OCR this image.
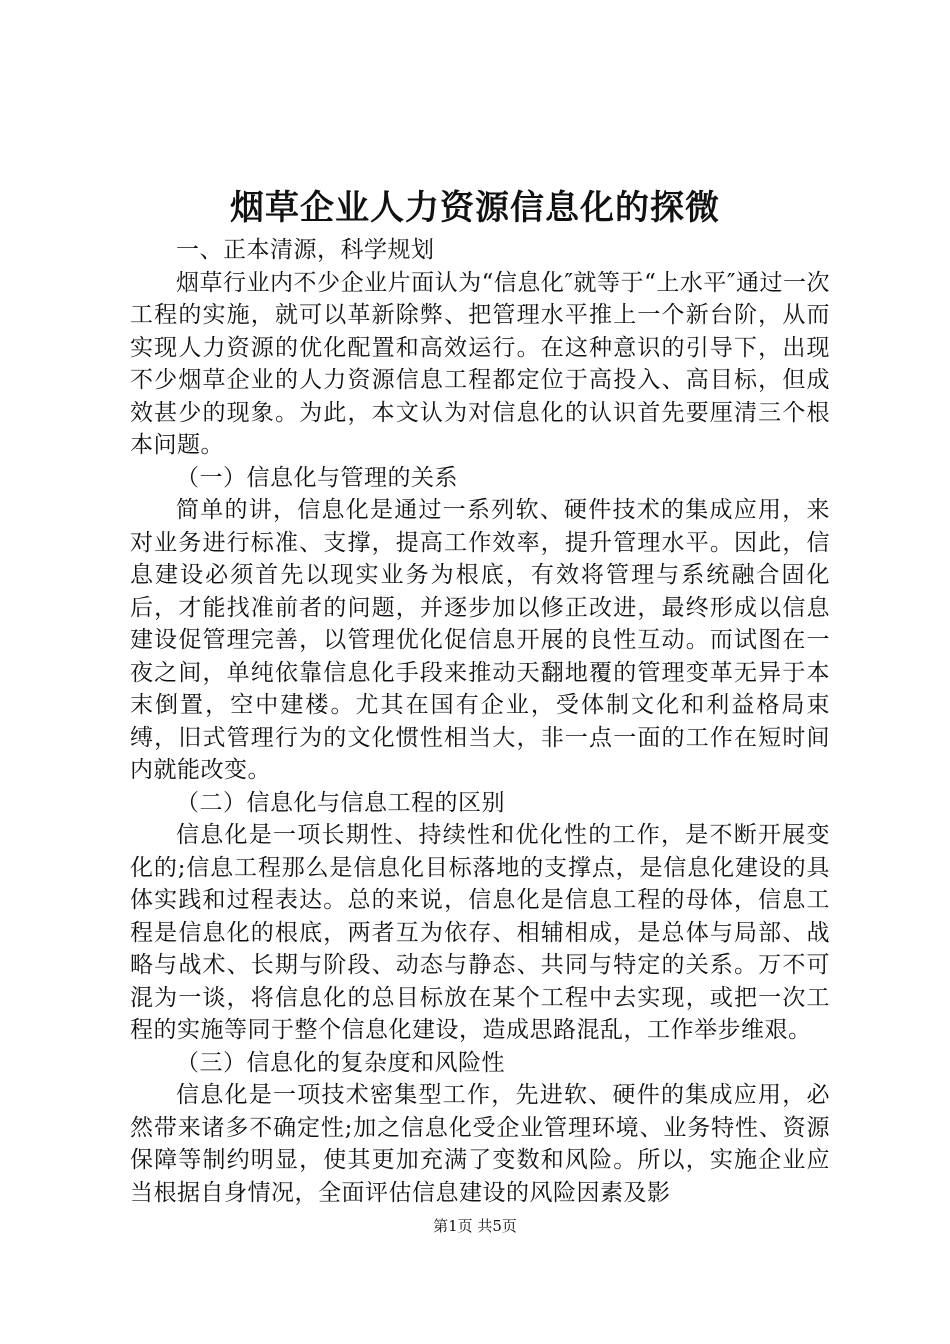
烟草企业人力资源信息化的探微

一、正本清源，科学规划

烟草行业内不少企业片面认为“信息化″就等于“上水平″通过一次工程的实施，就可以革新除弊、把管理水平推上一个新台阶，从而实现人力资源的优化配置和高效运行。在这种意识的引导下，出现不少烟草企业的人力资源信息工程都定位于高投入、高目标，但成效甚少的现象。为此，本文认为对信息化的认识首先要厘清三个根本问题。

（一）信息化与管理的关系

简单的讲，信息化是通过一系列软、硬件技术的集成应用，来对业务进行标准、支撑，提高工作效率，提升管理水平。因此，信息建设必须首先以现实业务为根底，有效将管理与系统融合固化后，才能找准前者的问题，并逐步加以修正改进，最终形成以信息建设促管理完善，以管理优化促信息开展的良性互动。而试图在一夜之间，单纯依靠信息化手段来推动天翻地覆的管理变革无异于本末倒置，空中建楼。尤其在国有企业，受体制文化和利益格局束缚，旧式管理行为的文化惯性相当大，非一点一面的工作在短时间内就能改变。

（二）信息化与信息工程的区别

信息化是一项长期性、持续性和优化性的工作，是不断开展变化的;信息工程那么是信息化目标落地的支撑点，是信息化建设的具体实践和过程表达。总的来说，信息化是信息工程的母体，信息工程是信息化的根底，两者互为依存、相辅相成，是总体与局部、战略与战术、长期与阶段、动态与静态、共同与特定的关系。万不可混为一谈，将信息化的总目标放在某个工程中去实现，或把一次工程的实施等同于整个信息化建设，造成思路混乱，工作举步维艰。

（三）信息化的复杂度和风险性

信息化是一项技术密集型工作，先进软、硬件的集成应用，必然带来诸多不确定性;加之信息化受企业管理环境、业务特性、资源保障等制约明显，使其更加充满了变数和风险。所以，实施企业应当根据自身情况，全面评估信息建设的风险因素及影

第1页 共5页
